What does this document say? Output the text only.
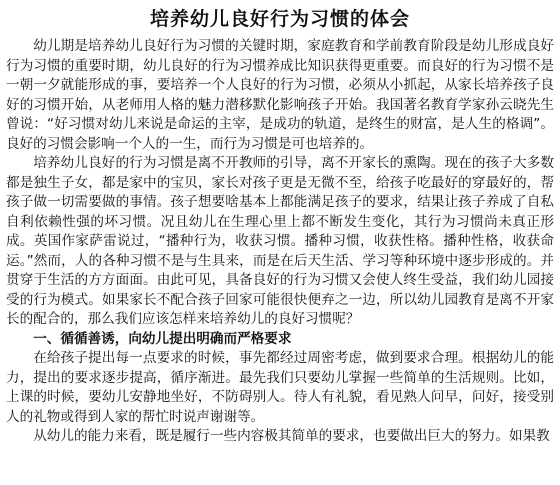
培养幼儿良好行为习惯的体会

幼儿期是培养幼儿良好行为习惯的关键时期，家庭教育和学前教育阶段是幼儿形成良好行为习惯的重要时期，幼儿良好的行为习惯养成比知识获得更重要。而良好的行为习惯不是一朝一夕就能形成的事，要培养一个人良好的行为习惯，必须从小抓起，从家长培养孩子良好的习惯开始，从老师用人格的魅力潜移默化影响孩子开始。我国著名教育学家孙云晓先生曾说：“好习惯对幼儿来说是命运的主宰，是成功的轨道，是终生的财富，是人生的格调”。良好的习惯会影响一个人的一生，而行为习惯是可也培养的。

培养幼儿良好的行为习惯是离不开教师的引导，离不开家长的熏陶。现在的孩子大多数都是独生子女，都是家中的宝贝，家长对孩子更是无微不至，给孩子吃最好的穿最好的，帮孩子做一切需要做的事情。孩子想要啥基本上都能满足孩子的要求，结果让孩子养成了自私自利依赖性强的坏习惯。况且幼儿在生理心里上都不断发生变化，其行为习惯尚未真正形成。英国作家萨雷说过，“播种行为，收获习惯。播种习惯，收获性格。播种性格，收获命运。”然而，人的各种习惯不是与生具来，而是在后天生活、学习等种环境中逐步形成的。并贯穿于生活的方方面面。由此可见，具备良好的行为习惯又会使人终生受益，我们幼儿园接受的行为模式。如果家长不配合孩子回家可能很快便弃之一边，所以幼儿园教育是离不开家长的配合的，那么我们应该怎样来培养幼儿的良好习惯呢？

一、循循善诱，向幼儿提出明确而严格要求

在给孩子提出每一点要求的时候，事先都经过周密考虑，做到要求合理。根据幼儿的能力，提出的要求逐步提高，循序渐进。最先我们只要幼儿掌握一些简单的生活规则。比如，上课的时候，要幼儿安静地坐好，不防碍别人。待人有礼貌，看见熟人问早，问好，接受别人的礼物或得到人家的帮忙时说声谢谢等。

从幼儿的能力来看，既是履行一些内容极其简单的要求，也要做出巨大的努力。如果教
